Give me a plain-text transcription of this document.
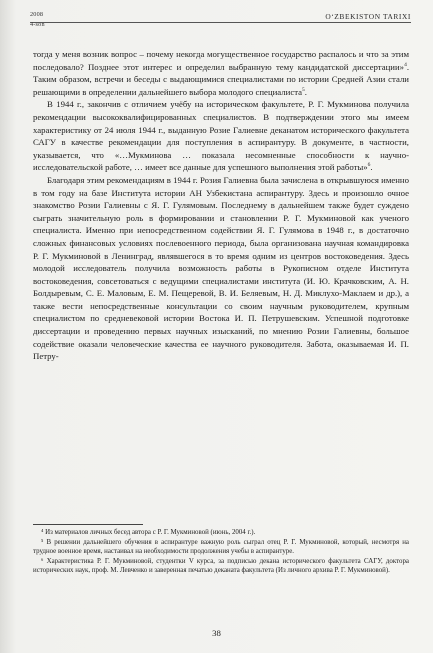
2008
4-son
O‘ZBEKISTON TARIXI

тогда у меня возник вопрос – почему некогда могущественное государство распалось и что за этим последовало? Позднее этот интерес и определил выбранную тему кандидатской диссертации»$^4$. Таким образом, встречи и беседы с выдающимися специалистами по истории Средней Азии стали решающими в определении дальнейшего выбора молодого специалиста$^5$.

В 1944 г., закончив с отличием учёбу на историческом факультете, Р. Г. Мукминова получила рекомендации высококвалифицированных специалистов. В подтверждении этого мы имеем характеристику от 24 июля 1944 г., выданную Розие Галиевне деканатом исторического факультета САГУ в качестве рекомендации для поступления в аспирантуру. В документе, в частности, указывается, что «…Мукминова … показала несомненные способности к научно-исследовательской работе, … имеет все данные для успешного выполнения этой работы»$^6$.

Благодаря этим рекомендациям в 1944 г. Розия Галиевна была зачислена в открывшуюся именно в том году на базе Института истории АН Узбекистана аспирантуру. Здесь и произошло очное знакомство Розии Галиевны с Я. Г. Гулямовым. Последнему в дальнейшем также будет суждено сыграть значительную роль в формировании и становлении Р. Г. Мукминовой как ученого специалиста. Именно при непосредственном содействии Я. Г. Гулямова в 1948 г., в достаточно сложных финансовых условиях послевоенного периода, была организована научная командировка Р. Г. Мукминовой в Ленинград, являвшегося в то время одним из центров востоковедения. Здесь молодой исследователь получила возможность работы в Рукописном отделе Института востоковедения, совсетоваться с ведущими специалистами института (И. Ю. Крачковским, А. Н. Болдыревым, С. Е. Маловым, Е. М. Пещеревой, В. И. Беляевым, Н. Д. Миклухо-Маклаем и др.), а также вести непосредственные консультации со своим научным руководителем, крупным специалистом по средневековой истории Востока И. П. Петрушевским. Успешной подготовке диссертации и проведению первых научных изысканий, по мнению Розии Галиевны, большое содействие оказали человеческие качества ее научного руководителя. Забота, оказываемая И. П. Петру-

⁴ Из материалов личных бесед автора с Р. Г. Мукминовой (июнь, 2004 г.).

⁵ В решении дальнейшего обучения в аспирантуре важную роль сыграл отец Р. Г. Мукминовой, который, несмотря на трудное военное время, настаивал на необходимости продолжения учебы в аспирантуре.

⁶ Характеристика Р. Г. Мукминовой, студентки V курса, за подписью декана исторического факультета САГУ, доктора исторических наук, проф. М. Левченко и заверенная печатью деканата факультета (Из личного архива Р. Г. Мукминовой).

38
